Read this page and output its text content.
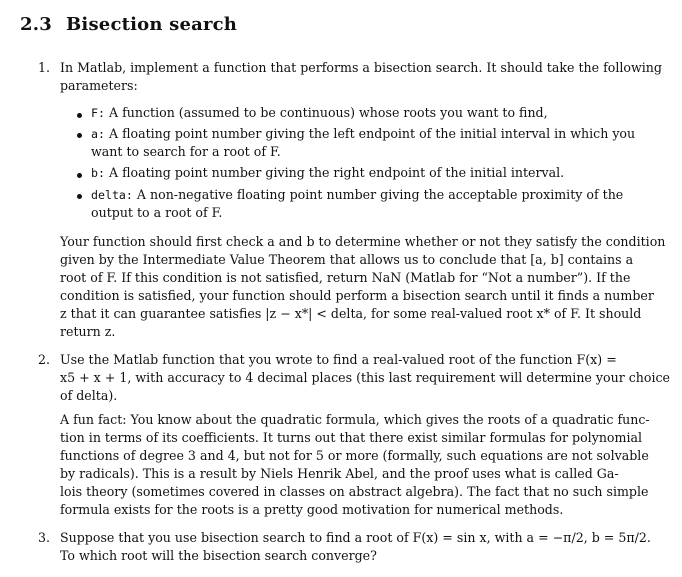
2.3 Bisection search
1. In Matlab, implement a function that performs a bisection search. It should take the following
parameters:
F: A function (assumed to be continuous) whose roots you want to find,
a: A floating point number giving the left endpoint of the initial interval in which you
want to search for a root of F.
b: A floating point number giving the right endpoint of the initial interval.
delta: A non-negative floating point number giving the acceptable proximity of the
output to a root of F.
Your function should first check a and b to determine whether or not they satisfy the condition
given by the Intermediate Value Theorem that allows us to conclude that [a, b] contains a
root of F. If this condition is not satisfied, return NaN (Matlab for “Not a number”). If the
condition is satisfied, your function should perform a bisection search until it finds a number
z that it can guarantee satisfies |z − x*| < delta, for some real-valued root x* of F. It should
return z.
2. Use the Matlab function that you wrote to find a real-valued root of the function F(x) =
x5 + x + 1, with accuracy to 4 decimal places (this last requirement will determine your choice
of delta).
A fun fact: You know about the quadratic formula, which gives the roots of a quadratic func-
tion in terms of its coefficients. It turns out that there exist similar formulas for polynomial
functions of degree 3 and 4, but not for 5 or more (formally, such equations are not solvable
by radicals). This is a result by Niels Henrik Abel, and the proof uses what is called Ga-
lois theory (sometimes covered in classes on abstract algebra). The fact that no such simple
formula exists for the roots is a pretty good motivation for numerical methods.
3. Suppose that you use bisection search to find a root of F(x) = sin x, with a = −π/2, b = 5π/2.
To which root will the bisection search converge?
